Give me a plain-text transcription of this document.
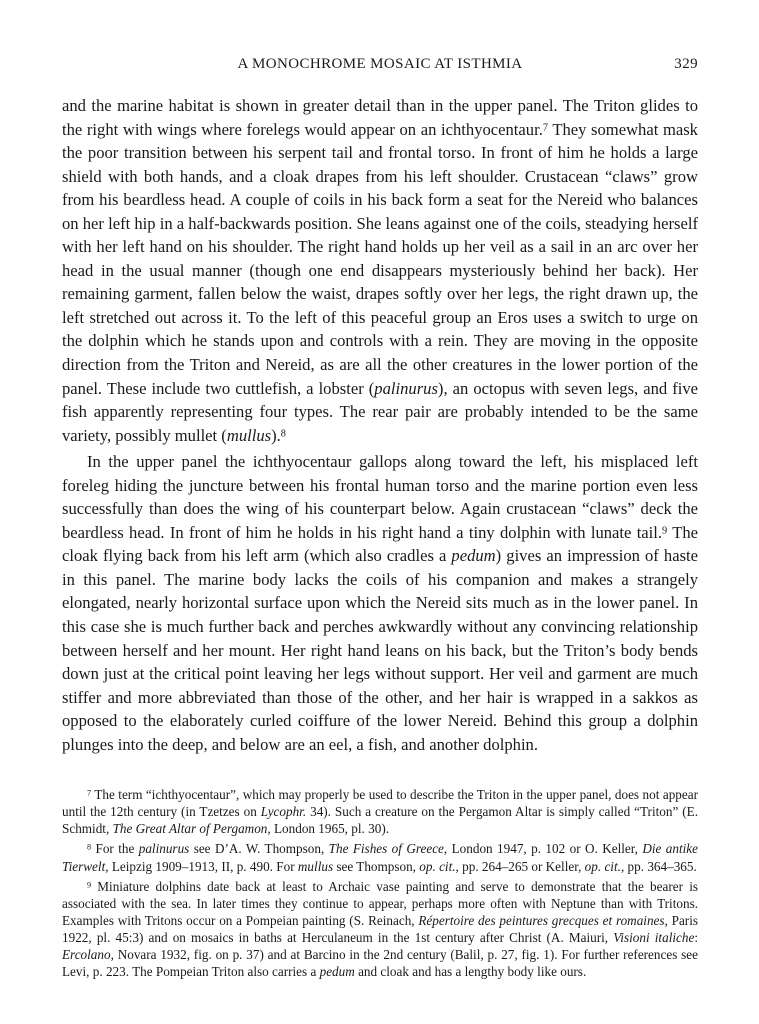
A MONOCHROME MOSAIC AT ISTHMIA	329

and the marine habitat is shown in greater detail than in the upper panel. The Triton glides to the right with wings where forelegs would appear on an ichthyocentaur.$^7$ They somewhat mask the poor transition between his serpent tail and frontal torso. In front of him he holds a large shield with both hands, and a cloak drapes from his left shoulder. Crustacean “claws” grow from his beardless head. A couple of coils in his back form a seat for the Nereid who balances on her left hip in a half-backwards position. She leans against one of the coils, steadying herself with her left hand on his shoulder. The right hand holds up her veil as a sail in an arc over her head in the usual manner (though one end disappears mysteriously behind her back). Her remaining garment, fallen below the waist, drapes softly over her legs, the right drawn up, the left stretched out across it. To the left of this peaceful group an Eros uses a switch to urge on the dolphin which he stands upon and controls with a rein. They are moving in the opposite direction from the Triton and Nereid, as are all the other creatures in the lower portion of the panel. These include two cuttlefish, a lobster (palinurus), an octopus with seven legs, and five fish apparently representing four types. The rear pair are probably intended to be the same variety, possibly mullet (mullus).$^8$

In the upper panel the ichthyocentaur gallops along toward the left, his misplaced left foreleg hiding the juncture between his frontal human torso and the marine portion even less successfully than does the wing of his counterpart below. Again crustacean “claws” deck the beardless head. In front of him he holds in his right hand a tiny dolphin with lunate tail.$^9$ The cloak flying back from his left arm (which also cradles a pedum) gives an impression of haste in this panel. The marine body lacks the coils of his companion and makes a strangely elongated, nearly horizontal surface upon which the Nereid sits much as in the lower panel. In this case she is much further back and perches awkwardly without any convincing relationship between herself and her mount. Her right hand leans on his back, but the Triton’s body bends down just at the critical point leaving her legs without support. Her veil and garment are much stiffer and more abbreviated than those of the other, and her hair is wrapped in a sakkos as opposed to the elaborately curled coiffure of the lower Nereid. Behind this group a dolphin plunges into the deep, and below are an eel, a fish, and another dolphin.

$^7$ The term “ichthyocentaur”, which may properly be used to describe the Triton in the upper panel, does not appear until the 12th century (in Tzetzes on Lycophr. 34). Such a creature on the Pergamon Altar is simply called “Triton” (E. Schmidt, The Great Altar of Pergamon, London 1965, pl. 30).

$^8$ For the palinurus see D’A. W. Thompson, The Fishes of Greece, London 1947, p. 102 or O. Keller, Die antike Tierwelt, Leipzig 1909–1913, II, p. 490. For mullus see Thompson, op. cit., pp. 264–265 or Keller, op. cit., pp. 364–365.

$^9$ Miniature dolphins date back at least to Archaic vase painting and serve to demonstrate that the bearer is associated with the sea. In later times they continue to appear, perhaps more often with Neptune than with Tritons. Examples with Tritons occur on a Pompeian painting (S. Reinach, Répertoire des peintures grecques et romaines, Paris 1922, pl. 45:3) and on mosaics in baths at Herculaneum in the 1st century after Christ (A. Maiuri, Visioni italiche: Ercolano, Novara 1932, fig. on p. 37) and at Barcino in the 2nd century (Balil, p. 27, fig. 1). For further references see Levi, p. 223. The Pompeian Triton also carries a pedum and cloak and has a lengthy body like ours.
